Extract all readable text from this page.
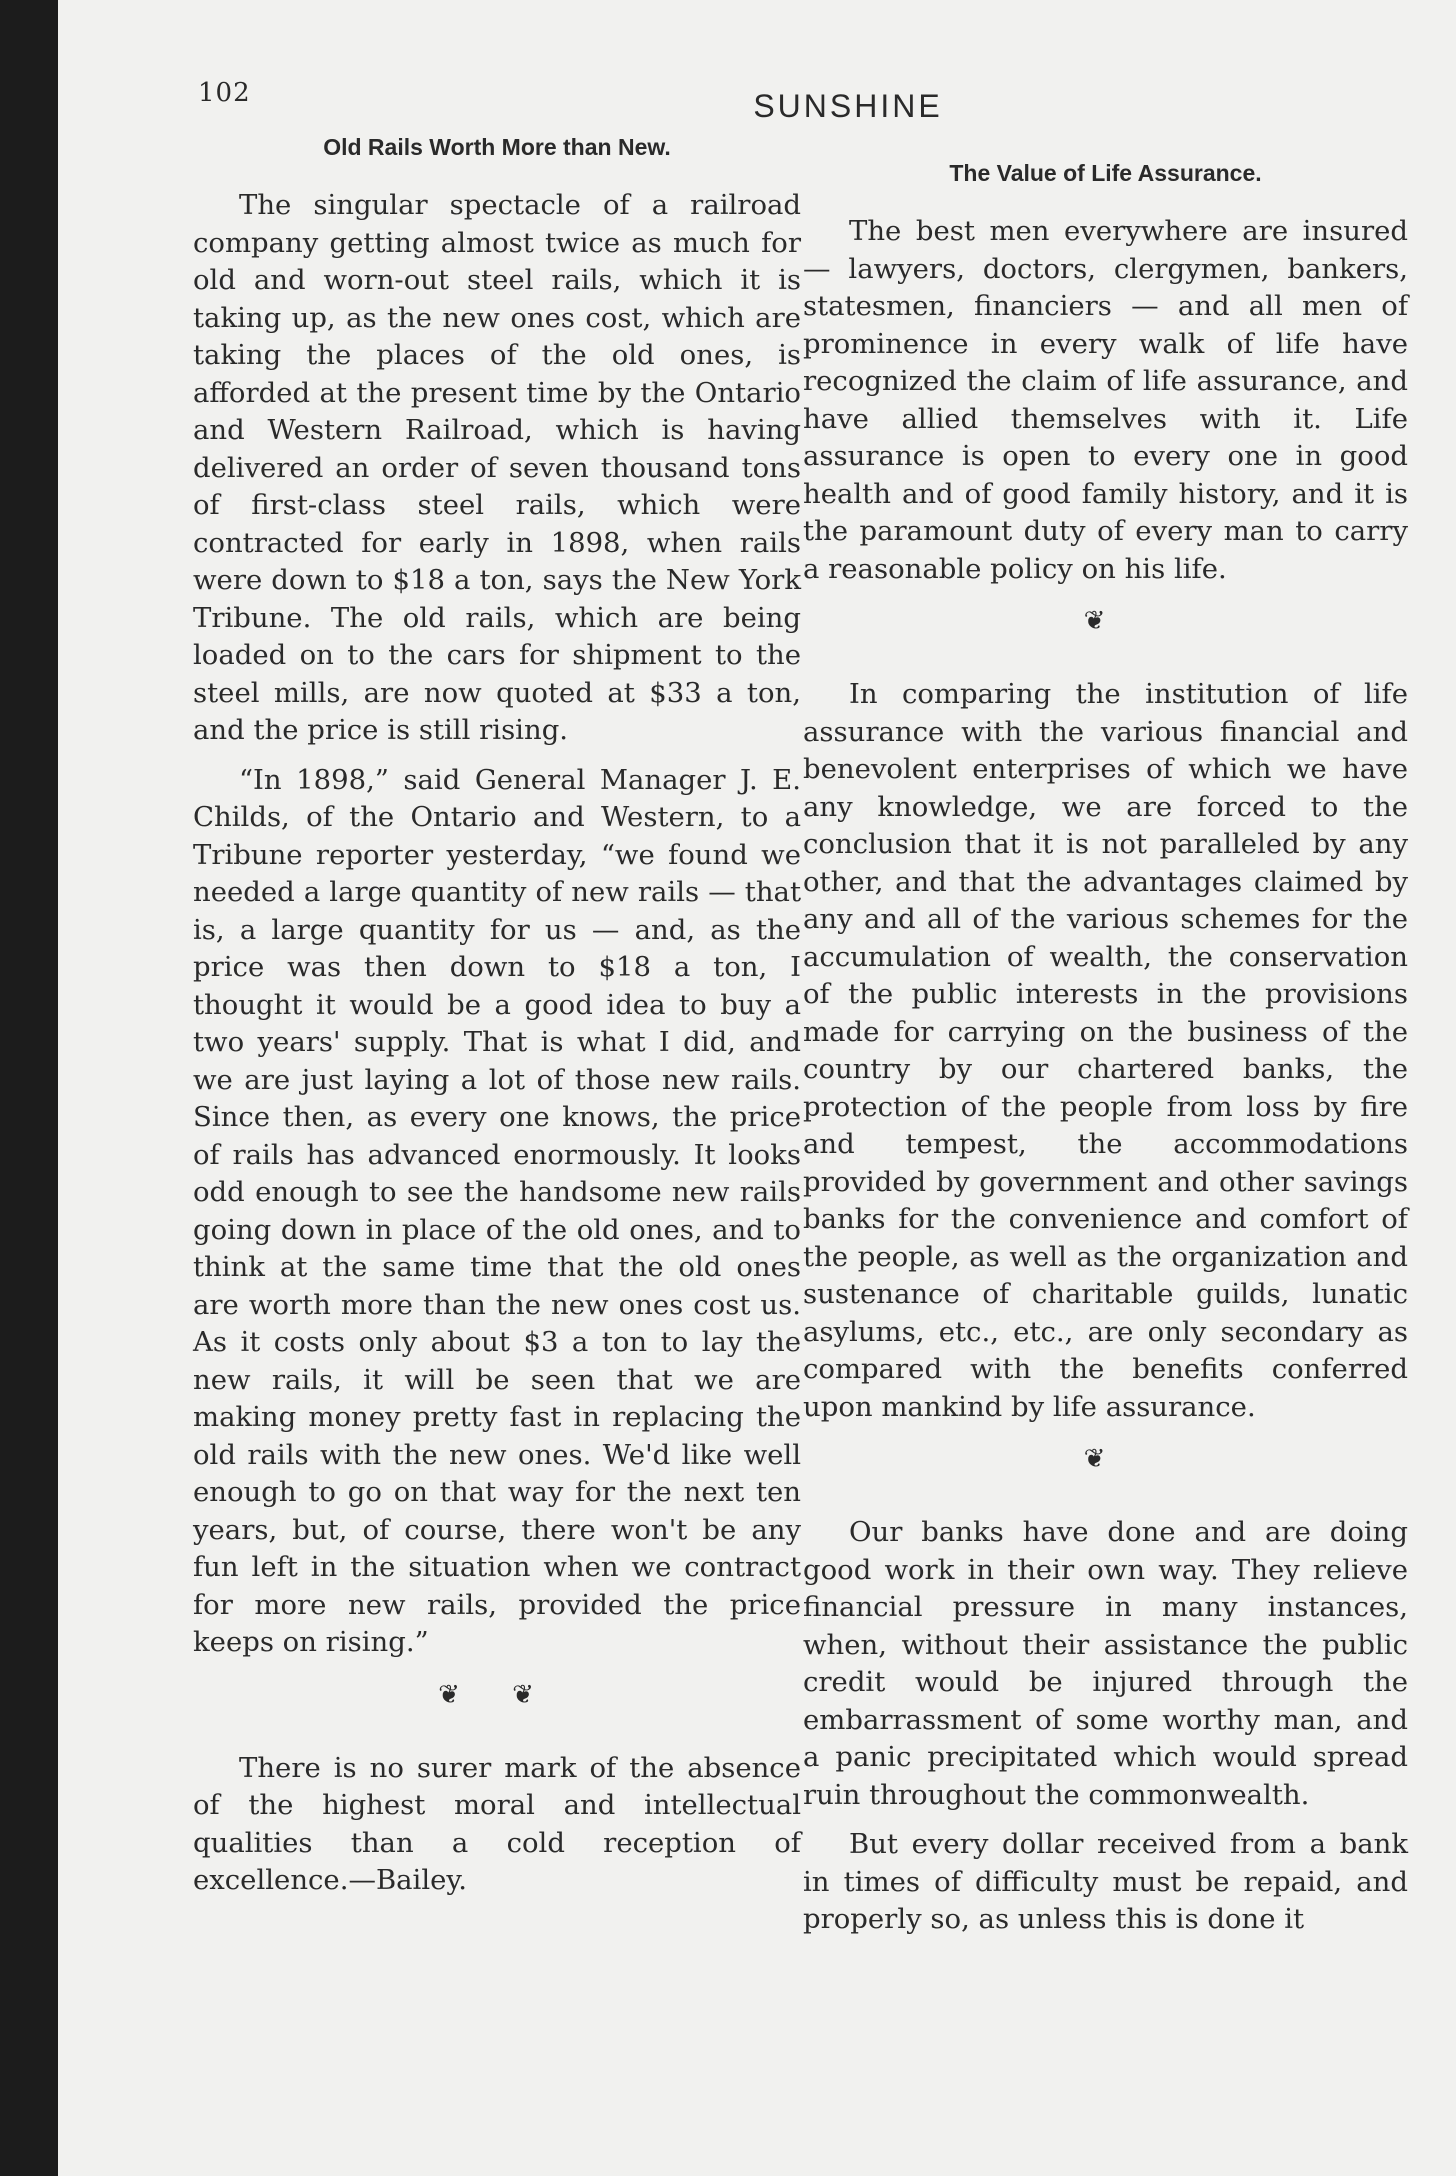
102	SUNSHINE
Old Rails Worth More than New.

The singular spectacle of a railroad company getting almost twice as much for old and worn-out steel rails, which it is taking up, as the new ones cost, which are taking the places of the old ones, is afforded at the present time by the Ontario and Western Railroad, which is having delivered an order of seven thousand tons of first-class steel rails, which were contracted for early in 1898, when rails were down to $18 a ton, says the New York Tribune. The old rails, which are being loaded on to the cars for shipment to the steel mills, are now quoted at $33 a ton, and the price is still rising.

“In 1898,” said General Manager J. E. Childs, of the Ontario and Western, to a Tribune reporter yesterday, “we found we needed a large quantity of new rails — that is, a large quantity for us — and, as the price was then down to $18 a ton, I thought it would be a good idea to buy a two years' supply. That is what I did, and we are just laying a lot of those new rails. Since then, as every one knows, the price of rails has advanced enormously. It looks odd enough to see the handsome new rails going down in place of the old ones, and to think at the same time that the old ones are worth more than the new ones cost us. As it costs only about $3 a ton to lay the new rails, it will be seen that we are making money pretty fast in replacing the old rails with the new ones. We'd like well enough to go on that way for the next ten years, but, of course, there won't be any fun left in the situation when we contract for more new rails, provided the price keeps on rising.”

❦ ❦

There is no surer mark of the absence of the highest moral and intellectual qualities than a cold reception of excellence.—Bailey.

The Value of Life Assurance.

The best men everywhere are insured — lawyers, doctors, clergymen, bankers, statesmen, financiers — and all men of prominence in every walk of life have recognized the claim of life assurance, and have allied themselves with it. Life assurance is open to every one in good health and of good family history, and it is the paramount duty of every man to carry a reasonable policy on his life.

❦

In comparing the institution of life assurance with the various financial and benevolent enterprises of which we have any knowledge, we are forced to the conclusion that it is not paralleled by any other, and that the advantages claimed by any and all of the various schemes for the accumulation of wealth, the conservation of the public interests in the provisions made for carrying on the business of the country by our chartered banks, the protection of the people from loss by fire and tempest, the accommodations provided by government and other savings banks for the convenience and comfort of the people, as well as the organization and sustenance of charitable guilds, lunatic asylums, etc., etc., are only secondary as compared with the benefits conferred upon mankind by life assurance.

❦

Our banks have done and are doing good work in their own way. They relieve financial pressure in many instances, when, without their assistance the public credit would be injured through the embarrassment of some worthy man, and a panic precipitated which would spread ruin throughout the commonwealth.

But every dollar received from a bank in times of difficulty must be repaid, and properly so, as unless this is done it
